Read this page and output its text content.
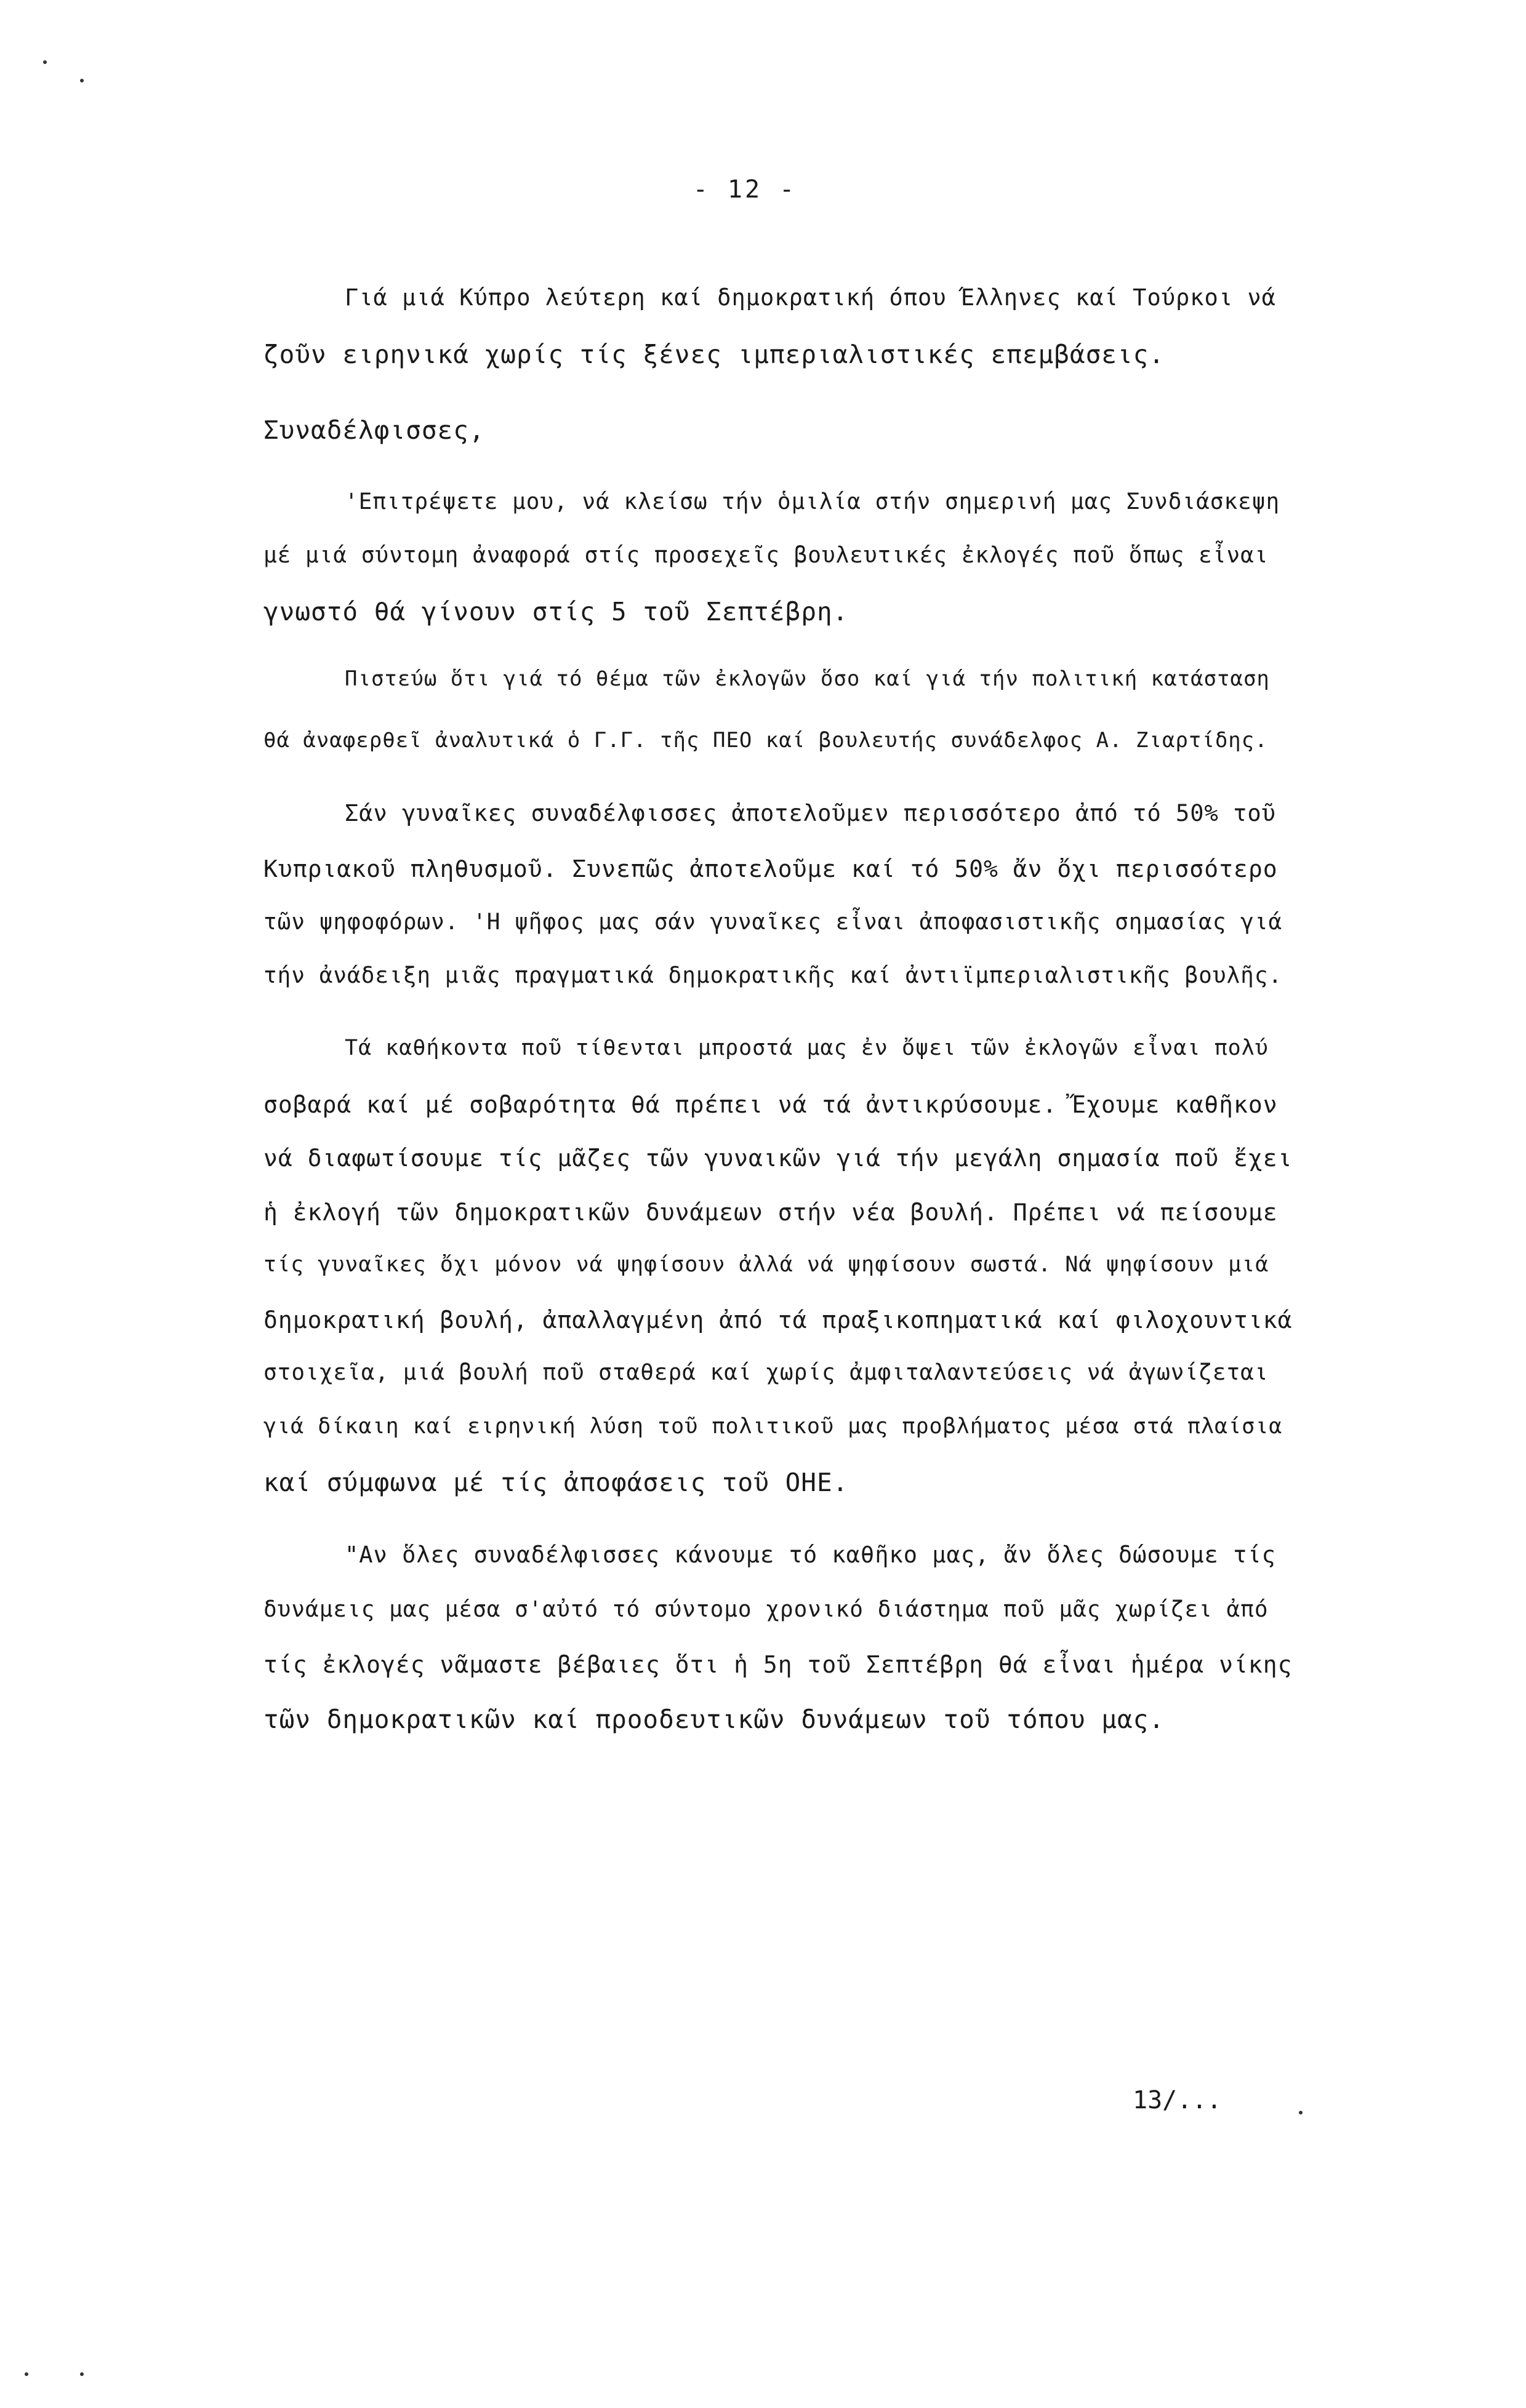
- 12 -
Γιά μιά Κύπρο λεύτερη καί δημοκρατική όπου Έλληνες καί Τούρκοι νά
ζοῦν ειρηνικά χωρίς τίς ξένες ιμπεριαλιστικές επεμβάσεις.
Συναδέλφισσες,
'Επιτρέψετε μου, νά κλείσω τήν ὁμιλία στήν σημερινή μας Συνδιάσκεψη
μέ μιά σύντομη ἀναφορά στίς προσεχεῖς βουλευτικές ἐκλογές ποῦ ὅπως εἶναι
γνωστό θά γίνουν στίς 5 τοῦ Σεπτέβρη.
Πιστεύω ὅτι γιά τό θέμα τῶν ἐκλογῶν ὅσο καί γιά τήν πολιτική κατάσταση
θά ἀναφερθεῖ ἀναλυτικά ὁ Γ.Γ. τῆς ΠΕΟ καί βουλευτής συνάδελφος Α. Ζιαρτίδης.
Σάν γυναῖκες συναδέλφισσες ἀποτελοῦμεν περισσότερο ἀπό τό 50% τοῦ
Κυπριακοῦ πληθυσμοῦ. Συνεπῶς ἀποτελοῦμε καί τό 50% ἄν ὄχι περισσότερο
τῶν ψηφοφόρων. 'Η ψῆφος μας σάν γυναῖκες εἶναι ἀποφασιστικῆς σημασίας γιά
τήν ἀνάδειξη μιᾶς πραγματικά δημοκρατικῆς καί ἀντιϊμπεριαλιστικῆς βουλῆς.
Τά καθήκοντα ποῦ τίθενται μπροστά μας ἐν ὄψει τῶν ἐκλογῶν εἶναι πολύ
σοβαρά καί μέ σοβαρότητα θά πρέπει νά τά ἀντικρύσουμε. Ἔχουμε καθῆκον
νά διαφωτίσουμε τίς μᾶζες τῶν γυναικῶν γιά τήν μεγάλη σημασία ποῦ ἔχει
ἡ ἐκλογή τῶν δημοκρατικῶν δυνάμεων στήν νέα βουλή. Πρέπει νά πείσουμε
τίς γυναῖκες ὄχι μόνον νά ψηφίσουν ἀλλά νά ψηφίσουν σωστά. Νά ψηφίσουν μιά
δημοκρατική βουλή, ἀπαλλαγμένη ἀπό τά πραξικοπηματικά καί φιλοχουντικά
στοιχεῖα, μιά βουλή ποῦ σταθερά καί χωρίς ἀμφιταλαντεύσεις νά ἀγωνίζεται
γιά δίκαιη καί ειρηνική λύση τοῦ πολιτικοῦ μας προβλήματος μέσα στά πλαίσια
καί σύμφωνα μέ τίς ἀποφάσεις τοῦ ΟΗΕ.
"Αν ὅλες συναδέλφισσες κάνουμε τό καθῆκο μας, ἄν ὅλες δώσουμε τίς
δυνάμεις μας μέσα σ'αὐτό τό σύντομο χρονικό διάστημα ποῦ μᾶς χωρίζει ἀπό
τίς ἐκλογές νᾶμαστε βέβαιες ὅτι ἡ 5η τοῦ Σεπτέβρη θά εἶναι ἡμέρα νίκης
τῶν δημοκρατικῶν καί προοδευτικῶν δυνάμεων τοῦ τόπου μας.
13/...
